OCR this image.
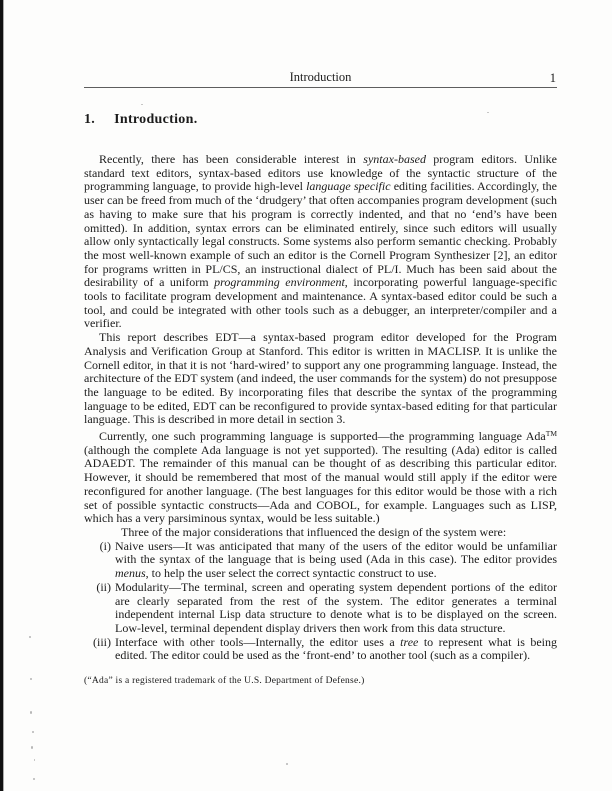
Introduction	1
1. Introduction.

Recently, there has been considerable interest in syntax-based program editors. Unlike standard text editors, syntax-based editors use knowledge of the syntactic structure of the programming language, to provide high-level language specific editing facilities. Accordingly, the user can be freed from much of the ‘drudgery’ that often accompanies program development (such as having to make sure that his program is correctly indented, and that no ‘end’s have been omitted). In addition, syntax errors can be eliminated entirely, since such editors will usually allow only syntactically legal constructs. Some systems also perform semantic checking. Probably the most well-known example of such an editor is the Cornell Program Synthesizer [2], an editor for programs written in PL/CS, an instructional dialect of PL/I. Much has been said about the desirability of a uniform programming environment, incorporating powerful language-specific tools to facilitate program development and maintenance. A syntax-based editor could be such a tool, and could be integrated with other tools such as a debugger, an interpreter/compiler and a verifier.

This report describes EDT—a syntax-based program editor developed for the Program Analysis and Verification Group at Stanford. This editor is written in MACLISP. It is unlike the Cornell editor, in that it is not ‘hard-wired’ to support any one programming language. Instead, the architecture of the EDT system (and indeed, the user commands for the system) do not presuppose the language to be edited. By incorporating files that describe the syntax of the programming language to be edited, EDT can be reconfigured to provide syntax-based editing for that particular language. This is described in more detail in section 3.

Currently, one such programming language is supported—the programming language Ada™ (although the complete Ada language is not yet supported). The resulting (Ada) editor is called ADAEDT. The remainder of this manual can be thought of as describing this particular editor. However, it should be remembered that most of the manual would still apply if the editor were reconfigured for another language. (The best languages for this editor would be those with a rich set of possible syntactic constructs—Ada and COBOL, for example. Languages such as LISP, which has a very parsiminous syntax, would be less suitable.)

Three of the major considerations that influenced the design of the system were:

(i) Naive users—It was anticipated that many of the users of the editor would be unfamiliar with the syntax of the language that is being used (Ada in this case). The editor provides menus, to help the user select the correct syntactic construct to use.
(ii) Modularity—The terminal, screen and operating system dependent portions of the editor are clearly separated from the rest of the system. The editor generates a terminal independent internal Lisp data structure to denote what is to be displayed on the screen. Low-level, terminal dependent display drivers then work from this data structure.
(iii) Interface with other tools—Internally, the editor uses a tree to represent what is being edited. The editor could be used as the ‘front-end’ to another tool (such as a compiler).
(“Ada” is a registered trademark of the U.S. Department of Defense.)
